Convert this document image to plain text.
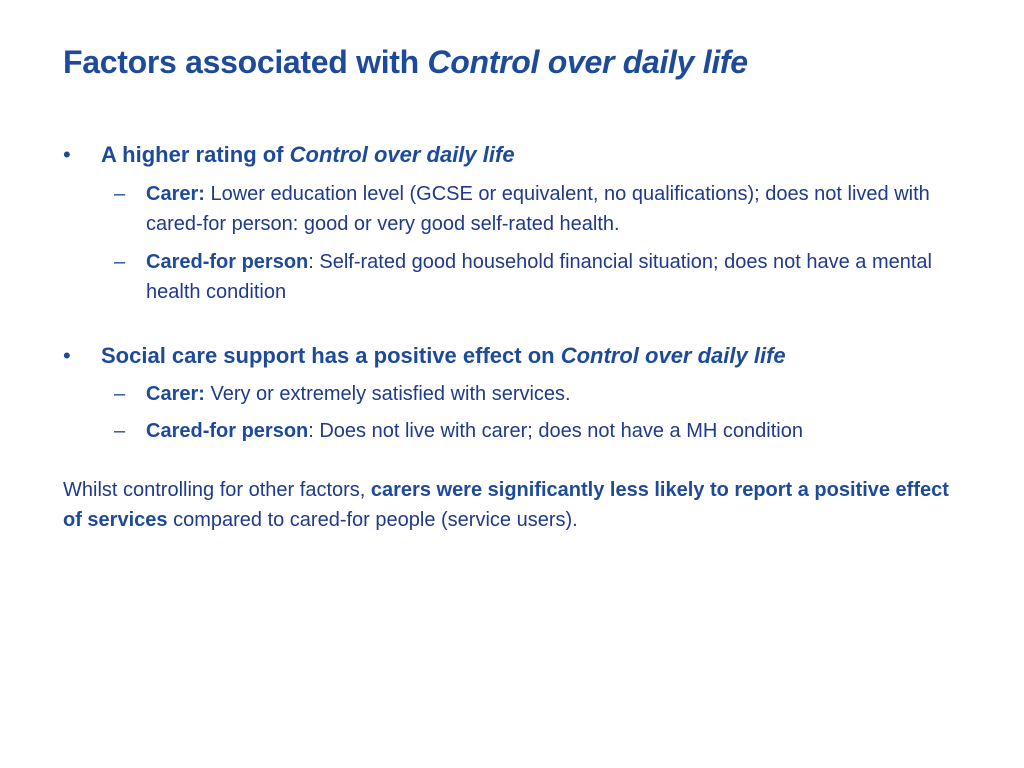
Factors associated with Control over daily life
• A higher rating of Control over daily life
– Carer: Lower education level (GCSE or equivalent, no qualifications); does not lived with cared-for person: good or very good self-rated health.
– Cared-for person: Self-rated good household financial situation; does not have a mental health condition
• Social care support has a positive effect on Control over daily life
– Carer: Very or extremely satisfied with services.
– Cared-for person: Does not live with carer; does not have a MH condition

Whilst controlling for other factors, carers were significantly less likely to report a positive effect of services compared to cared-for people (service users).
